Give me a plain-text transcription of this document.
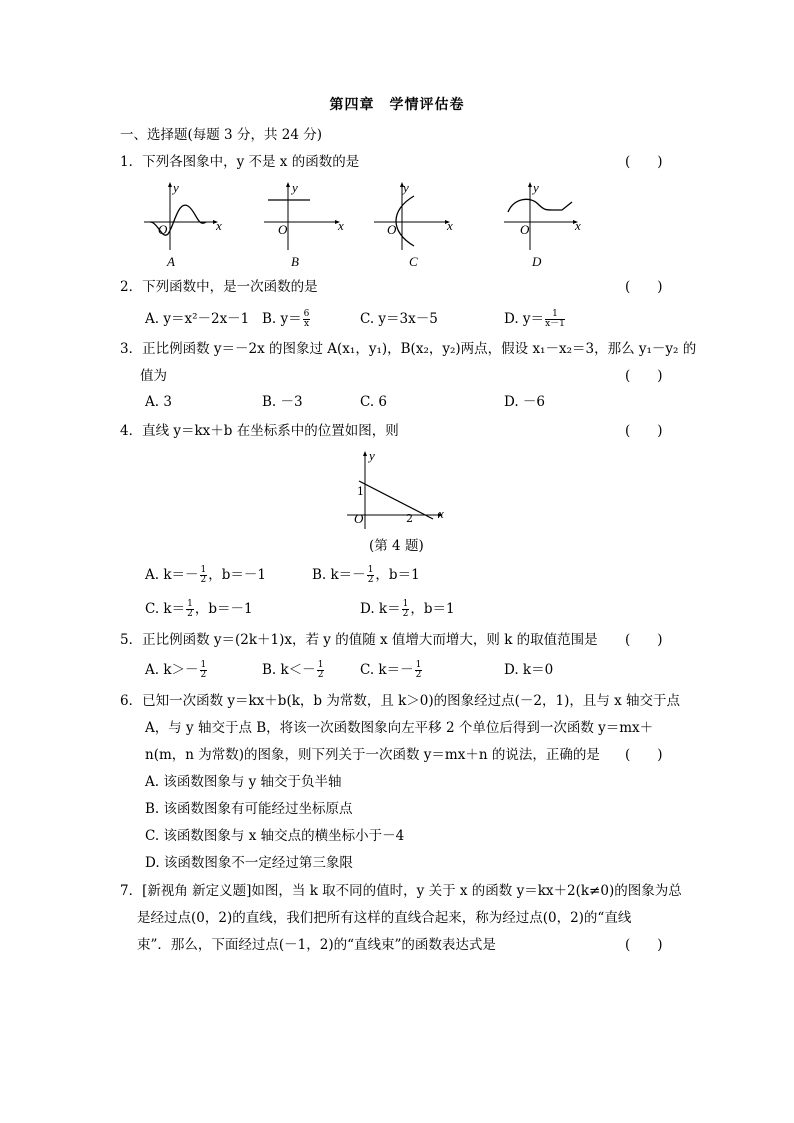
第四章　学情评估卷
一、选择题(每题 3 分，共 24 分)
1．下列各图象中，y 不是 x 的函数的是	(　　)
y
x
O
A
y
x
O
B
y
x
O
C
y
x
O
D
2．下列函数中，是一次函数的是	(　　)
A. y＝x²－2x－1 B. $y= \frac{6}{x}$	C. y＝3x－5	D. $y= \frac{1}{x-1}$
3．正比例函数 y＝－2x 的图象过 A(x₁，y₁)，B(x₂，y₂)两点，假设 x₁－x₂＝3，那么 y₁－y₂ 的
值为	(　　)
A. 3	B. －3	C. 6	D. －6
4．直线 y＝kx＋b 在坐标系中的位置如图，则	(　　)
y
x
O
1
2
(第 4 题)
A. $k=- \frac{1}{2}$ ，b＝－1	B. $k=- \frac{1}{2}$ ，b＝1
C. $k= \frac{1}{2}$ ，b＝－1	D. $k= \frac{1}{2}$ ，b＝1
5．正比例函数 y＝(2k＋1)x，若 y 的值随 x 值增大而增大，则 k 的取值范围是 (　　)
A. $k>- \frac{1}{2}$	B. $k<- \frac{1}{2}$	C. $k=- \frac{1}{2}$	D. k＝0
6．已知一次函数 y＝kx＋b(k，b 为常数，且 k＞0)的图象经过点(－2，1)，且与 x 轴交于点
A，与 y 轴交于点 B，将该一次函数图象向左平移 2 个单位后得到一次函数 y＝mx＋
n(m，n 为常数)的图象，则下列关于一次函数 y＝mx＋n 的说法，正确的是 (　　)
A. 该函数图象与 y 轴交于负半轴
B. 该函数图象有可能经过坐标原点
C. 该函数图象与 x 轴交点的横坐标小于－4
D. 该函数图象不一定经过第三象限
7．[新视角 新定义题]如图，当 k 取不同的值时，y 关于 x 的函数 y＝kx＋2(k≠0)的图象为总
是经过点(0，2)的直线，我们把所有这样的直线合起来，称为经过点(0，2)的“直线
束”．那么，下面经过点(－1，2)的“直线束”的函数表达式是	(　　)
